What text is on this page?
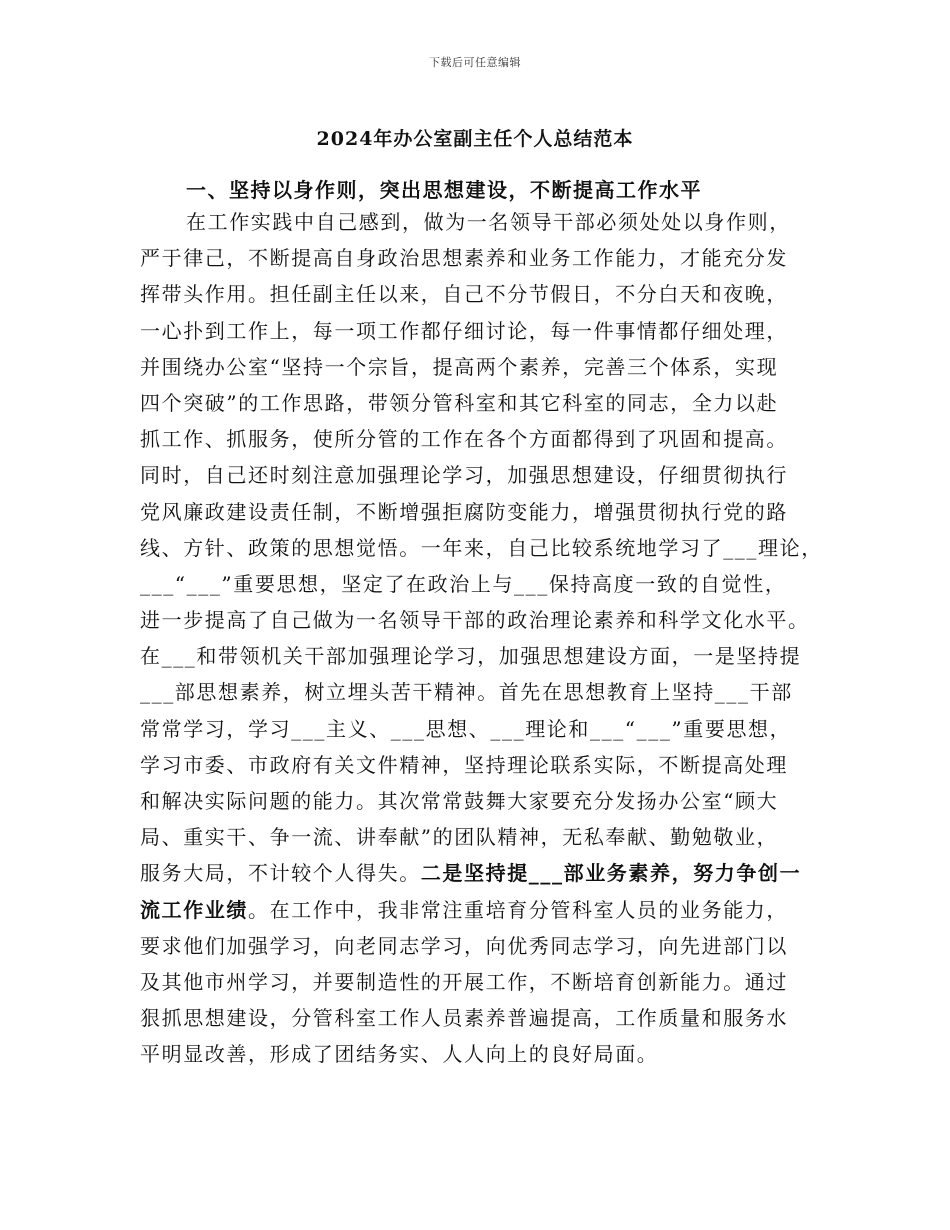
下载后可任意编辑
2024年办公室副主任个人总结范本
一、坚持以身作则，突出思想建设，不断提高工作水平
在工作实践中自己感到，做为一名领导干部必须处处以身作则，
严于律己，不断提高自身政治思想素养和业务工作能力，才能充分发
挥带头作用。担任副主任以来，自己不分节假日，不分白天和夜晚，
一心扑到工作上，每一项工作都仔细讨论，每一件事情都仔细处理，
并围绕办公室“坚持一个宗旨，提高两个素养，完善三个体系，实现
四个突破”的工作思路，带领分管科室和其它科室的同志，全力以赴
抓工作、抓服务，使所分管的工作在各个方面都得到了巩固和提高。
同时，自己还时刻注意加强理论学习，加强思想建设，仔细贯彻执行
党风廉政建设责任制，不断增强拒腐防变能力，增强贯彻执行党的路
线、方针、政策的思想觉悟。一年来，自己比较系统地学习了___理论，
___“___”重要思想，坚定了在政治上与___保持高度一致的自觉性，
进一步提高了自己做为一名领导干部的政治理论素养和科学文化水平。
在___和带领机关干部加强理论学习，加强思想建设方面，一是坚持提
___部思想素养，树立埋头苦干精神。首先在思想教育上坚持___干部
常常学习，学习___主义、___思想、___理论和___“___”重要思想，
学习市委、市政府有关文件精神，坚持理论联系实际，不断提高处理
和解决实际问题的能力。其次常常鼓舞大家要充分发扬办公室“顾大
局、重实干、争一流、讲奉献”的团队精神，无私奉献、勤勉敬业，
服务大局，不计较个人得失。二是坚持提___部业务素养，努力争创一
流工作业绩。在工作中，我非常注重培育分管科室人员的业务能力，
要求他们加强学习，向老同志学习，向优秀同志学习，向先进部门以
及其他市州学习，并要制造性的开展工作，不断培育创新能力。通过
狠抓思想建设，分管科室工作人员素养普遍提高，工作质量和服务水
平明显改善，形成了团结务实、人人向上的良好局面。
